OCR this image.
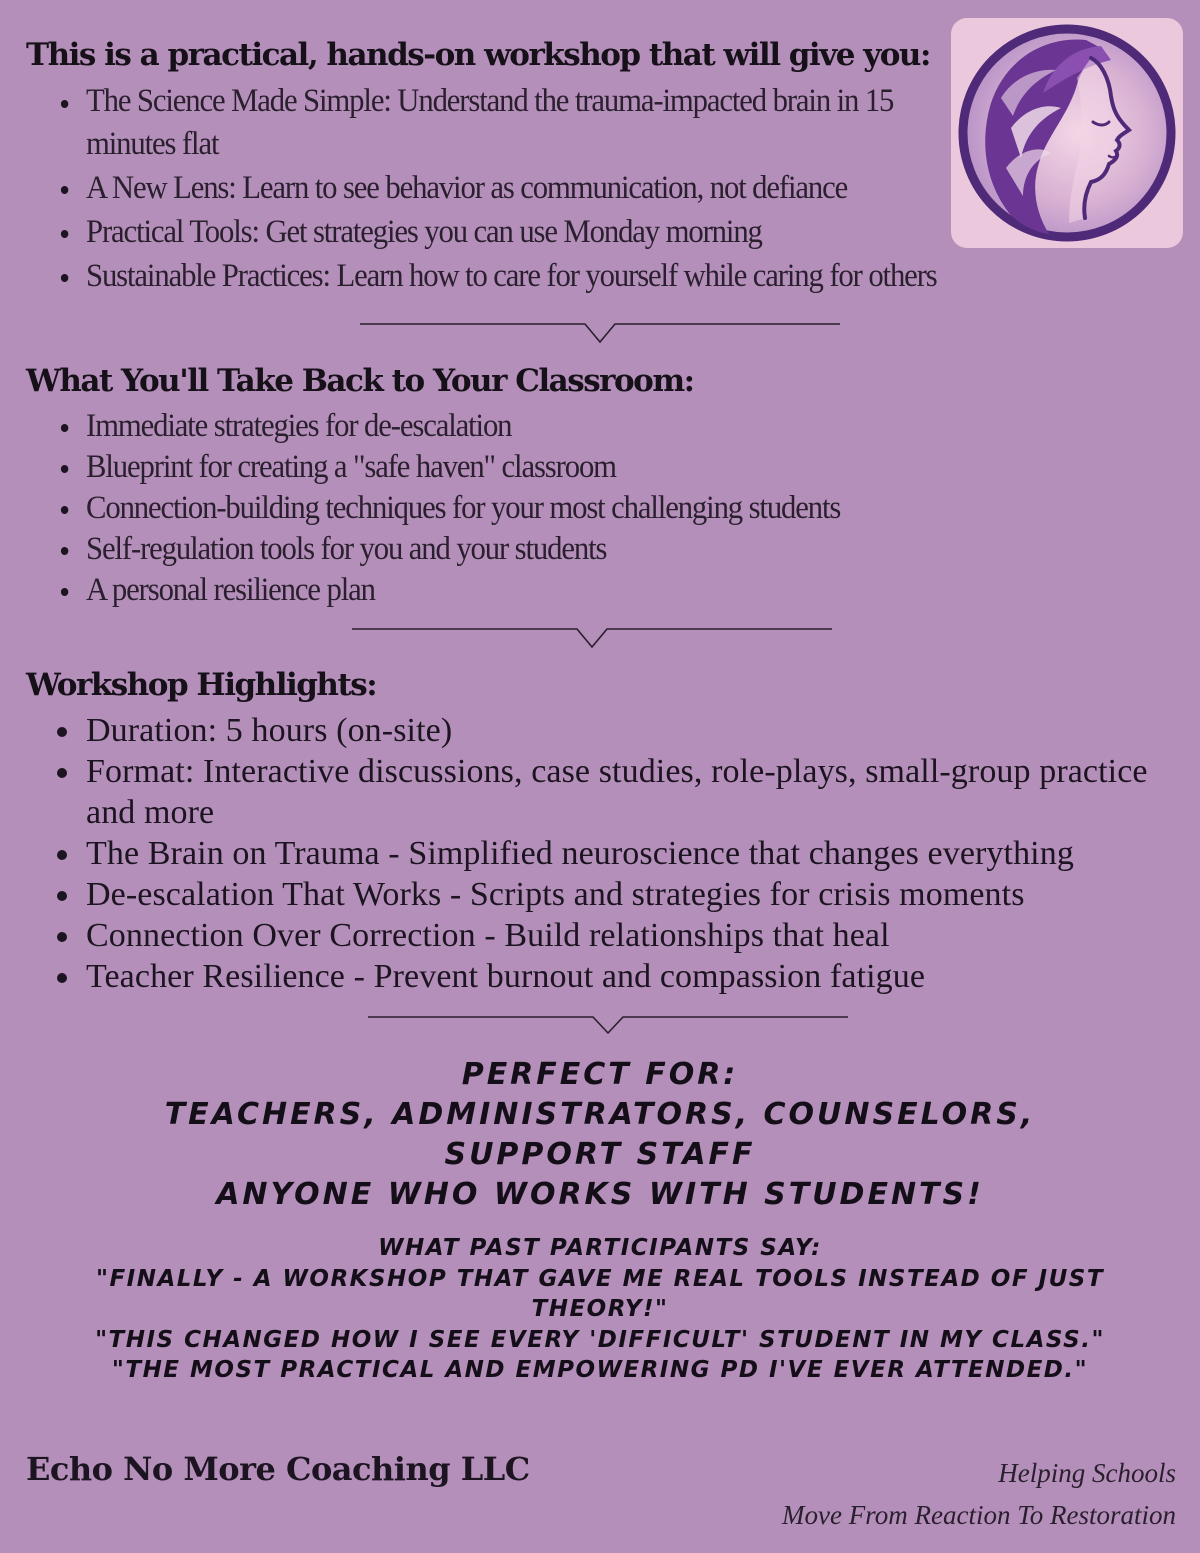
This is a practical, hands-on workshop that will give you:
The Science Made Simple: Understand the trauma-impacted brain in 15 minutes flat
A New Lens: Learn to see behavior as communication, not defiance
Practical Tools: Get strategies you can use Monday morning
Sustainable Practices: Learn how to care for yourself while caring for others
What You'll Take Back to Your Classroom:
Immediate strategies for de-escalation
Blueprint for creating a "safe haven" classroom
Connection-building techniques for your most challenging students
Self-regulation tools for you and your students
A personal resilience plan
Workshop Highlights:
Duration: 5 hours (on-site)
Format: Interactive discussions, case studies, role-plays, small-group practice and more
The Brain on Trauma - Simplified neuroscience that changes everything
De-escalation That Works - Scripts and strategies for crisis moments
Connection Over Correction - Build relationships that heal
Teacher Resilience - Prevent burnout and compassion fatigue
PERFECT FOR:
TEACHERS, ADMINISTRATORS, COUNSELORS,
SUPPORT STAFF
ANYONE WHO WORKS WITH STUDENTS!
WHAT PAST PARTICIPANTS SAY:
"FINALLY - A WORKSHOP THAT GAVE ME REAL TOOLS INSTEAD OF JUST
THEORY!"
"THIS CHANGED HOW I SEE EVERY 'DIFFICULT' STUDENT IN MY CLASS."
"THE MOST PRACTICAL AND EMPOWERING PD I'VE EVER ATTENDED."
Echo No More Coaching LLC	Helping Schools
Move From Reaction To Restoration
